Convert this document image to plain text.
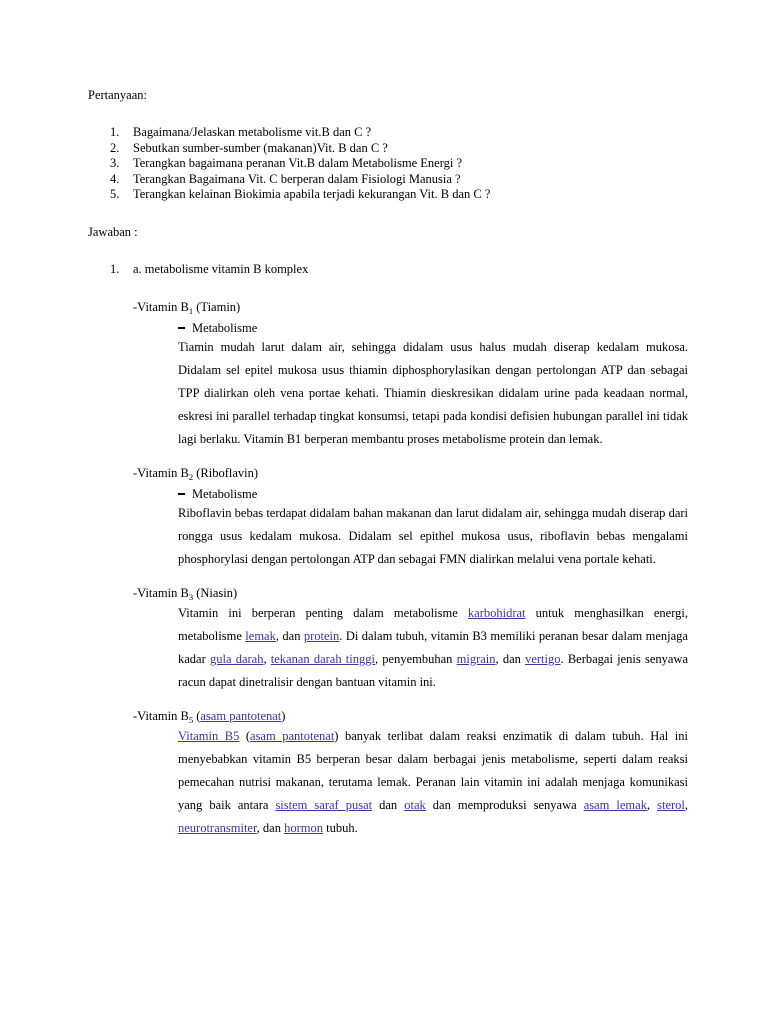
Pertanyaan:
1.	Bagaimana/Jelaskan metabolisme vit.B dan C ?
2.	Sebutkan sumber-sumber (makanan)Vit. B dan C ?
3.	Terangkan bagaimana peranan Vit.B dalam Metabolisme Energi ?
4.	Terangkan Bagaimana Vit. C berperan dalam Fisiologi Manusia ?
5.	Terangkan kelainan Biokimia apabila terjadi kekurangan Vit. B dan C ?
Jawaban :
1. a. metabolisme vitamin B komplex
-Vitamin $B_1$ (Tiamin)
Metabolisme

Tiamin mudah larut dalam air, sehingga didalam usus halus mudah diserap kedalam mukosa. Didalam sel epitel mukosa usus thiamin diphosphorylasikan dengan pertolongan ATP dan sebagai TPP dialirkan oleh vena portae kehati. Thiamin dieskresikan didalam urine pada keadaan normal, eskresi ini parallel terhadap tingkat konsumsi, tetapi pada kondisi defisien hubungan parallel ini tidak lagi berlaku. Vitamin B1 berperan membantu proses metabolisme protein dan lemak.

-Vitamin $B_2$ (Riboflavin)
Metabolisme

Riboflavin bebas terdapat didalam bahan makanan dan larut didalam air, sehingga mudah diserap dari rongga usus kedalam mukosa. Didalam sel epithel mukosa usus, riboflavin bebas mengalami phosphorylasi dengan pertolongan ATP dan sebagai FMN dialirkan melalui vena portale kehati.

-Vitamin $B_3$ (Niasin)

Vitamin ini berperan penting dalam metabolisme karbohidrat untuk menghasilkan energi, metabolisme lemak, dan protein. Di dalam tubuh, vitamin B3 memiliki peranan besar dalam menjaga kadar gula darah, tekanan darah tinggi, penyembuhan migrain, dan vertigo. Berbagai jenis senyawa racun dapat dinetralisir dengan bantuan vitamin ini.

-Vitamin $B_5$ (asam pantotenat)

Vitamin B5 (asam pantotenat) banyak terlibat dalam reaksi enzimatik di dalam tubuh. Hal ini menyebabkan vitamin B5 berperan besar dalam berbagai jenis metabolisme, seperti dalam reaksi pemecahan nutrisi makanan, terutama lemak. Peranan lain vitamin ini adalah menjaga komunikasi yang baik antara sistem saraf pusat dan otak dan memproduksi senyawa asam lemak, sterol, neurotransmiter, dan hormon tubuh.
